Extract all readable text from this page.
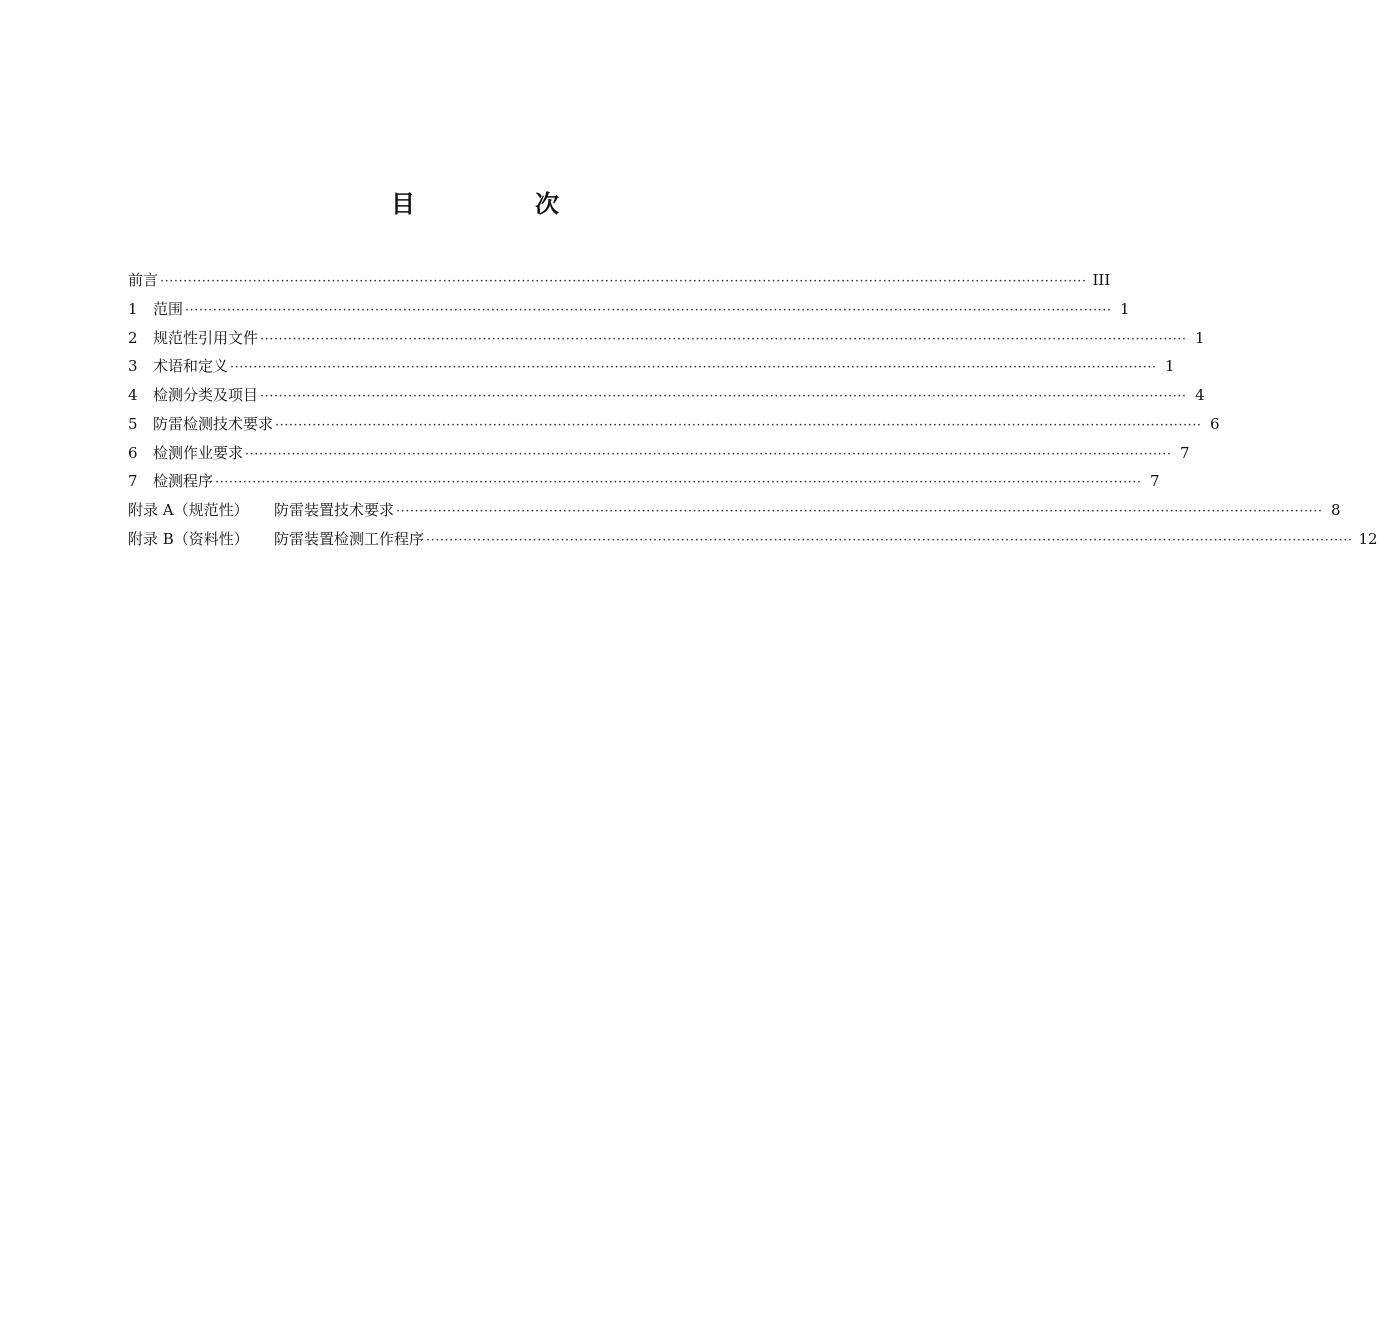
目　次
前言 ········································································································································································································ III
1	范围 ········································································································································································································ 1
2	规范性引用文件 ········································································································································································································ 1
3	术语和定义 ········································································································································································································ 1
4	检测分类及项目 ········································································································································································································ 4
5	防雷检测技术要求 ········································································································································································································ 6
6	检测作业要求 ········································································································································································································ 7
7	检测程序 ········································································································································································································ 7
附录 A（规范性） 防雷装置技术要求 ········································································································································································································ 8
附录 B（资料性） 防雷装置检测工作程序 ········································································································································································································ 12
